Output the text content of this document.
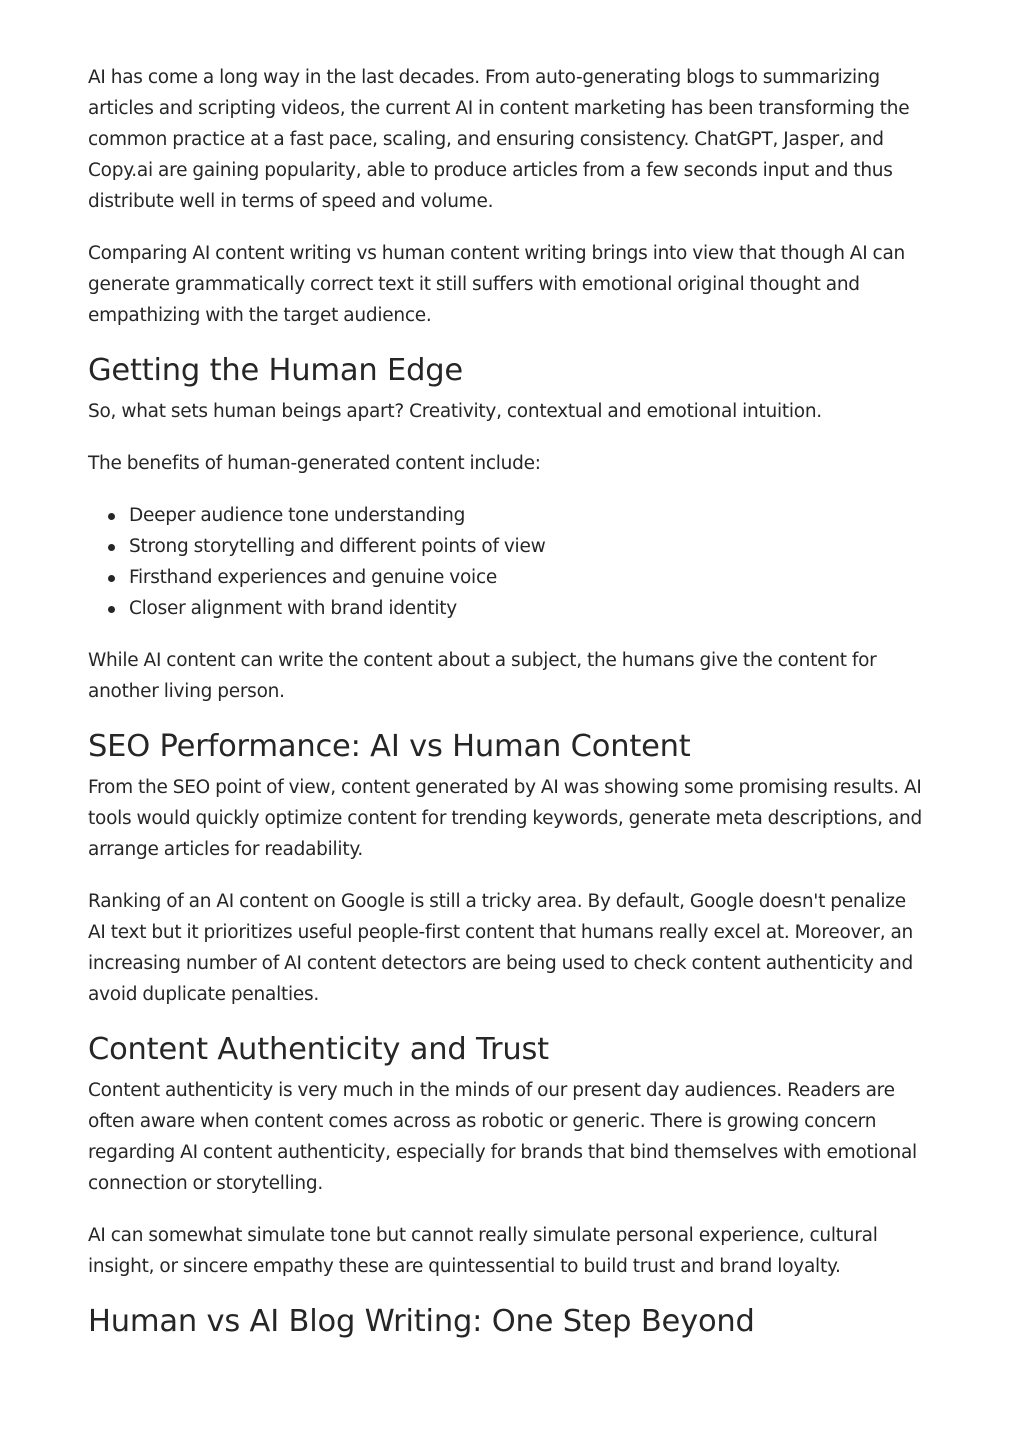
AI has come a long way in the last decades. From auto-generating blogs to summarizing articles and scripting videos, the current AI in content marketing has been transforming the common practice at a fast pace, scaling, and ensuring consistency. ChatGPT, Jasper, and Copy.ai are gaining popularity, able to produce articles from a few seconds input and thus distribute well in terms of speed and volume.

Comparing AI content writing vs human content writing brings into view that though AI can generate grammatically correct text it still suffers with emotional original thought and empathizing with the target audience.

Getting the Human Edge

So, what sets human beings apart? Creativity, contextual and emotional intuition.

The benefits of human-generated content include:

Deeper audience tone understanding
Strong storytelling and different points of view
Firsthand experiences and genuine voice
Closer alignment with brand identity

While AI content can write the content about a subject, the humans give the content for another living person.

SEO Performance: AI vs Human Content

From the SEO point of view, content generated by AI was showing some promising results. AI tools would quickly optimize content for trending keywords, generate meta descriptions, and arrange articles for readability.

Ranking of an AI content on Google is still a tricky area. By default, Google doesn't penalize AI text but it prioritizes useful people-first content that humans really excel at. Moreover, an increasing number of AI content detectors are being used to check content authenticity and avoid duplicate penalties.

Content Authenticity and Trust

Content authenticity is very much in the minds of our present day audiences. Readers are often aware when content comes across as robotic or generic. There is growing concern regarding AI content authenticity, especially for brands that bind themselves with emotional connection or storytelling.

AI can somewhat simulate tone but cannot really simulate personal experience, cultural insight, or sincere empathy these are quintessential to build trust and brand loyalty.

Human vs AI Blog Writing: One Step Beyond
